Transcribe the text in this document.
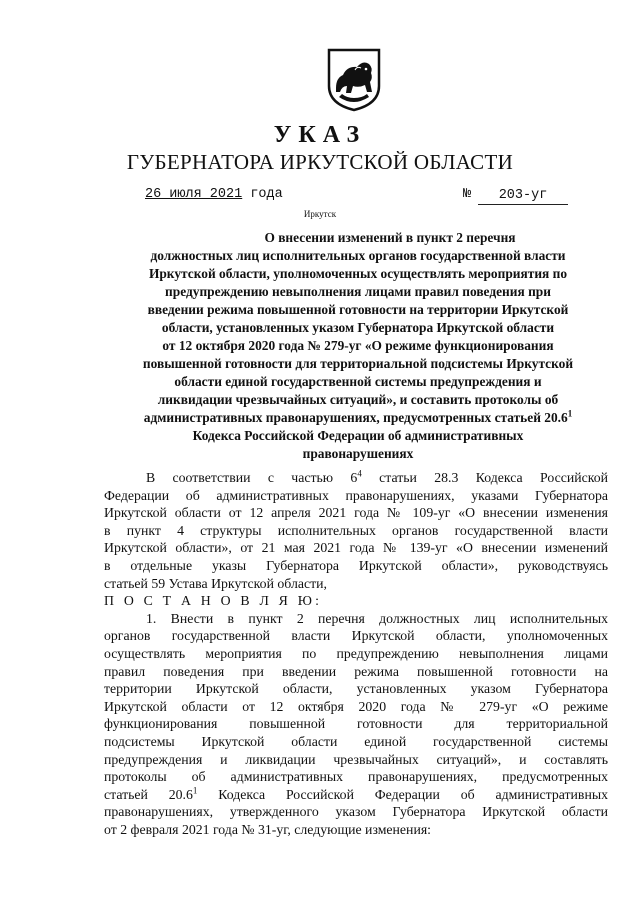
УКАЗ
ГУБЕРНАТОРА ИРКУТСКОЙ ОБЛАСТИ
26 июля 2021 года	№	203-уг
Иркутск

О внесении изменений в пункт 2 перечня

должностных лиц исполнительных органов государственной власти

Иркутской области, уполномоченных осуществлять мероприятия по

предупреждению невыполнения лицами правил поведения при

введении режима повышенной готовности на территории Иркутской

области, установленных указом Губернатора Иркутской области

от 12 октября 2020 года № 279-уг «О режиме функционирования

повышенной готовности для территориальной подсистемы Иркутской

области единой государственной системы предупреждения и

ликвидации чрезвычайных ситуаций», и составить протоколы об

административных правонарушениях, предусмотренных статьей 20.6$^1$

Кодекса Российской Федерации об административных

правонарушениях

В соответствии с частью $6^4$ статьи 28.3 Кодекса Российской

Федерации об административных правонарушениях, указами Губернатора

Иркутской области от 12 апреля 2021 года № 109-уг «О внесении изменения

в пункт 4 структуры исполнительных органов государственной власти

Иркутской области», от 21 мая 2021 года № 139-уг «О внесении изменений

в отдельные указы Губернатора Иркутской области», руководствуясь

статьей 59 Устава Иркутской области,

П О С Т А Н О В Л Я Ю:

1. Внести в пункт 2 перечня должностных лиц исполнительных

органов государственной власти Иркутской области, уполномоченных

осуществлять мероприятия по предупреждению невыполнения лицами

правил поведения при введении режима повышенной готовности на

территории Иркутской области, установленных указом Губернатора

Иркутской области от 12 октября 2020 года № 279-уг «О режиме

функционирования повышенной готовности для территориальной

подсистемы Иркутской области единой государственной системы

предупреждения и ликвидации чрезвычайных ситуаций», и составлять

протоколы об административных правонарушениях, предусмотренных

статьей 20.6$^1$ Кодекса Российской Федерации об административных

правонарушениях, утвержденного указом Губернатора Иркутской области

от 2 февраля 2021 года № 31-уг, следующие изменения:
